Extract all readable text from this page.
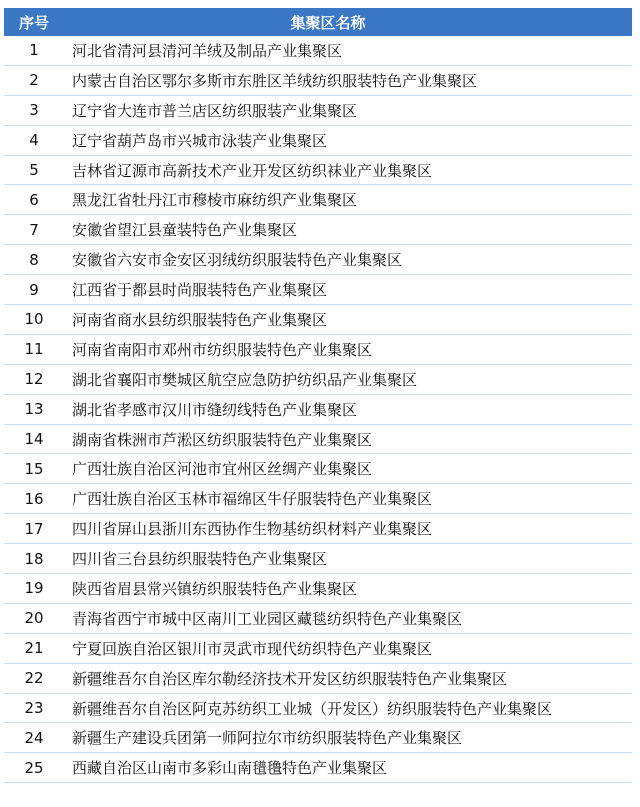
序号	集聚区名称
1	河北省清河县清河羊绒及制品产业集聚区
2	内蒙古自治区鄂尔多斯市东胜区羊绒纺织服装特色产业集聚区
3	辽宁省大连市普兰店区纺织服装产业集聚区
4	辽宁省葫芦岛市兴城市泳装产业集聚区
5	吉林省辽源市高新技术产业开发区纺织袜业产业集聚区
6	黑龙江省牡丹江市穆棱市麻纺织产业集聚区
7	安徽省望江县童装特色产业集聚区
8	安徽省六安市金安区羽绒纺织服装特色产业集聚区
9	江西省于都县时尚服装特色产业集聚区
10	河南省商水县纺织服装特色产业集聚区
11	河南省南阳市邓州市纺织服装特色产业集聚区
12	湖北省襄阳市樊城区航空应急防护纺织品产业集聚区
13	湖北省孝感市汉川市缝纫线特色产业集聚区
14	湖南省株洲市芦淞区纺织服装特色产业集聚区
15	广西壮族自治区河池市宜州区丝绸产业集聚区
16	广西壮族自治区玉林市福绵区牛仔服装特色产业集聚区
17	四川省屏山县浙川东西协作生物基纺织材料产业集聚区
18	四川省三台县纺织服装特色产业集聚区
19	陕西省眉县常兴镇纺织服装特色产业集聚区
20	青海省西宁市城中区南川工业园区藏毯纺织特色产业集聚区
21	宁夏回族自治区银川市灵武市现代纺织特色产业集聚区
22	新疆维吾尔自治区库尔勒经济技术开发区纺织服装特色产业集聚区
23	新疆维吾尔自治区阿克苏纺织工业城（开发区）纺织服装特色产业集聚区
24	新疆生产建设兵团第一师阿拉尔市纺织服装特色产业集聚区
25	西藏自治区山南市多彩山南氆氇特色产业集聚区
